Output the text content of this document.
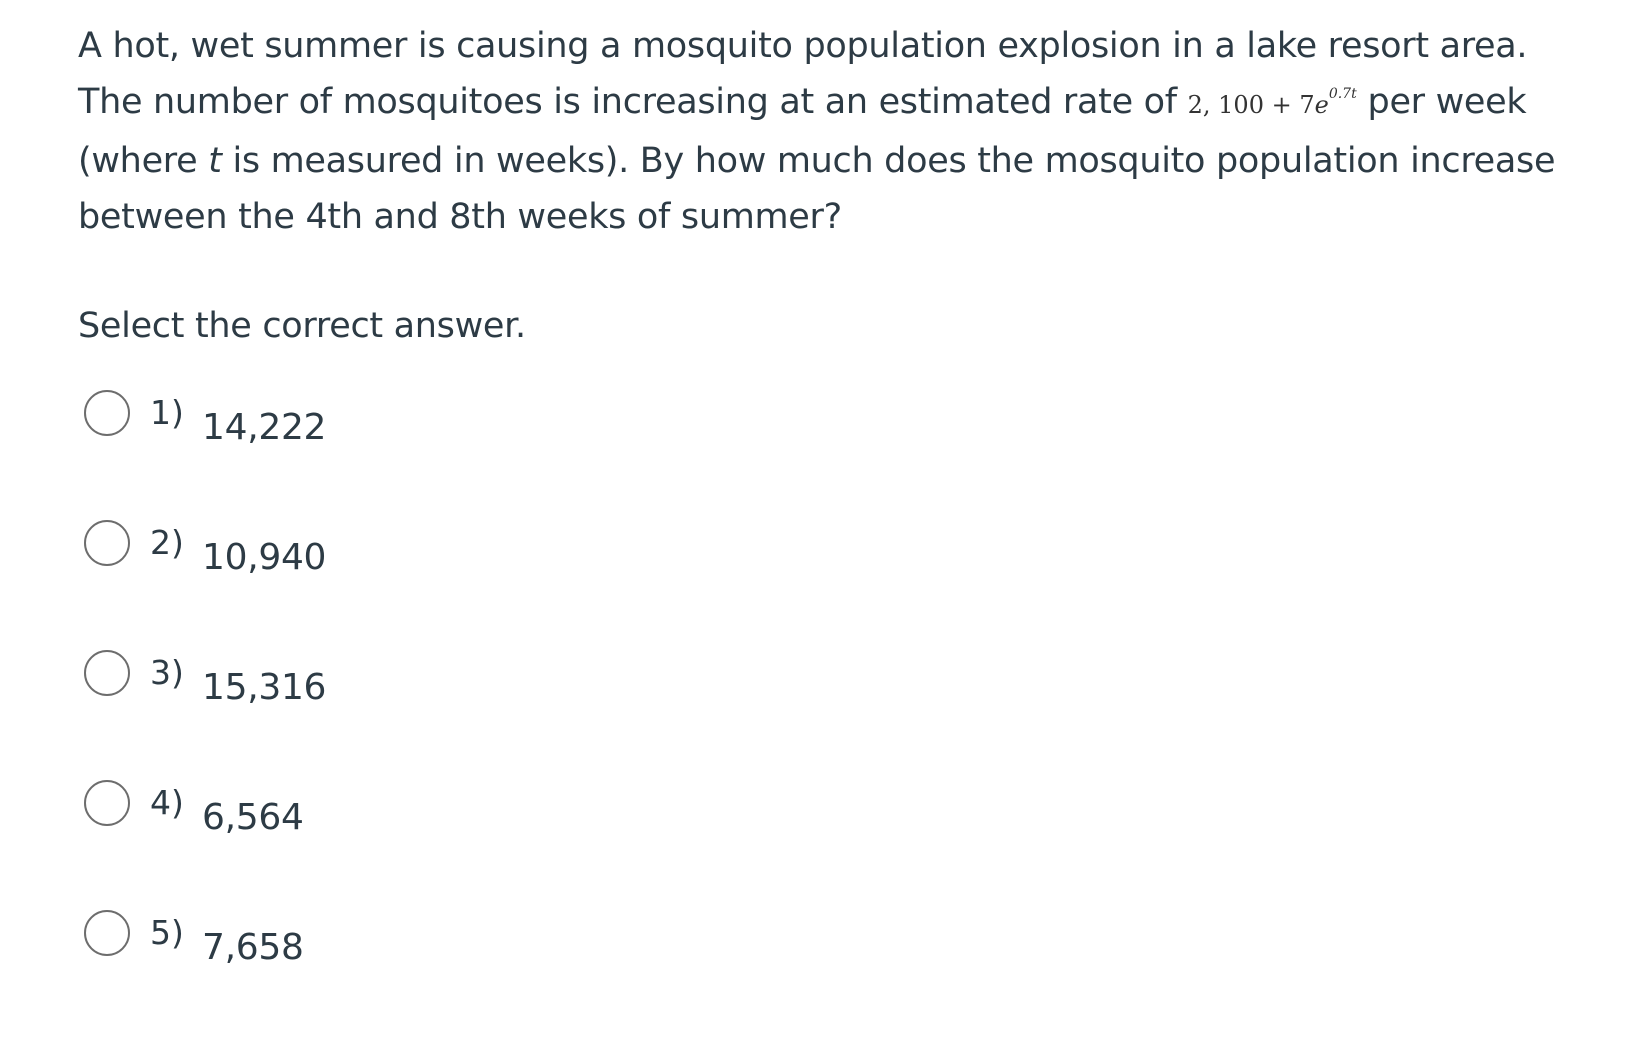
A hot, wet summer is causing a mosquito population explosion in a lake resort area. The number of mosquitoes is increasing at an estimated rate of 2, $100 + 7e^{0.7t}$ per week (where t is measured in weeks). By how much does the mosquito population increase between the 4th and 8th weeks of summer?
Select the correct answer.
1) 14,222
2) 10,940
3) 15,316
4) 6,564
5) 7,658
